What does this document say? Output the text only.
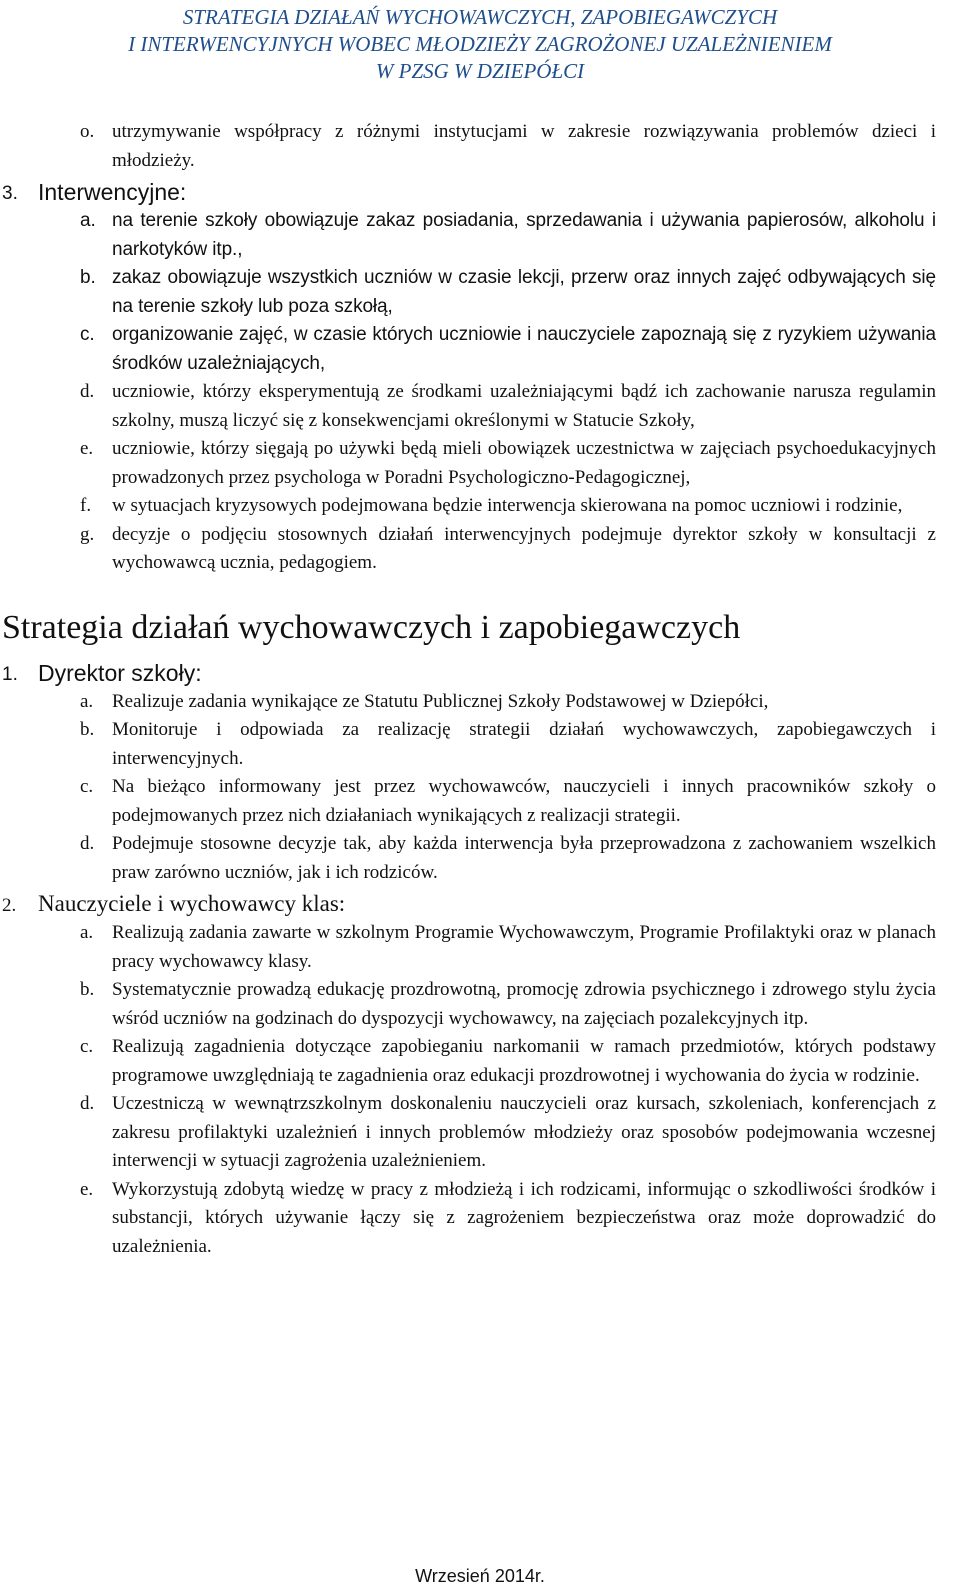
STRATEGIA DZIAŁAŃ WYCHOWAWCZYCH, ZAPOBIEGAWCZYCH
I INTERWENCYJNYCH WOBEC MŁODZIEŻY ZAGROŻONEJ UZALEŻNIENIEM
W PZSG W DZIEPÓŁCI
o. utrzymywanie współpracy z różnymi instytucjami w zakresie rozwiązywania problemów dzieci i młodzieży.
3. Interwencyjne:
a. na terenie szkoły obowiązuje zakaz posiadania, sprzedawania i używania papierosów, alkoholu i narkotyków itp.,
b. zakaz obowiązuje wszystkich uczniów w czasie lekcji, przerw oraz innych zajęć odbywających się na terenie szkoły lub poza szkołą,
c. organizowanie zajęć, w czasie których uczniowie i nauczyciele zapoznają się z ryzykiem używania środków uzależniających,
d. uczniowie, którzy eksperymentują ze środkami uzależniającymi bądź ich zachowanie narusza regulamin szkolny, muszą liczyć się z konsekwencjami określonymi w Statucie Szkoły,
e. uczniowie, którzy sięgają po używki będą mieli obowiązek uczestnictwa w zajęciach psychoedukacyjnych prowadzonych przez psychologa w Poradni Psychologiczno-Pedagogicznej,
f. w sytuacjach kryzysowych podejmowana będzie interwencja skierowana na pomoc uczniowi i rodzinie,
g. decyzje o podjęciu stosownych działań interwencyjnych podejmuje dyrektor szkoły w konsultacji z wychowawcą ucznia, pedagogiem.
Strategia działań wychowawczych i zapobiegawczych
1. Dyrektor szkoły:
a. Realizuje zadania wynikające ze Statutu Publicznej Szkoły Podstawowej w Dziepółci,
b. Monitoruje i odpowiada za realizację strategii działań wychowawczych, zapobiegawczych i interwencyjnych.
c. Na bieżąco informowany jest przez wychowawców, nauczycieli i innych pracowników szkoły o podejmowanych przez nich działaniach wynikających z realizacji strategii.
d. Podejmuje stosowne decyzje tak, aby każda interwencja była przeprowadzona z zachowaniem wszelkich praw zarówno uczniów, jak i ich rodziców.
2. Nauczyciele i wychowawcy klas:
a. Realizują zadania zawarte w szkolnym Programie Wychowawczym, Programie Profilaktyki oraz w planach pracy wychowawcy klasy.
b. Systematycznie prowadzą edukację prozdrowotną, promocję zdrowia psychicznego i zdrowego stylu życia wśród uczniów na godzinach do dyspozycji wychowawcy, na zajęciach pozalekcyjnych itp.
c. Realizują zagadnienia dotyczące zapobieganiu narkomanii w ramach przedmiotów, których podstawy programowe uwzględniają te zagadnienia oraz edukacji prozdrowotnej i wychowania do życia w rodzinie.
d. Uczestniczą w wewnątrzszkolnym doskonaleniu nauczycieli oraz kursach, szkoleniach, konferencjach z zakresu profilaktyki uzależnień i innych problemów młodzieży oraz sposobów podejmowania wczesnej interwencji w sytuacji zagrożenia uzależnieniem.
e. Wykorzystują zdobytą wiedzę w pracy z młodzieżą i ich rodzicami, informując o szkodliwości środków i substancji, których używanie łączy się z zagrożeniem bezpieczeństwa oraz może doprowadzić do uzależnienia.
Wrzesień 2014r.
